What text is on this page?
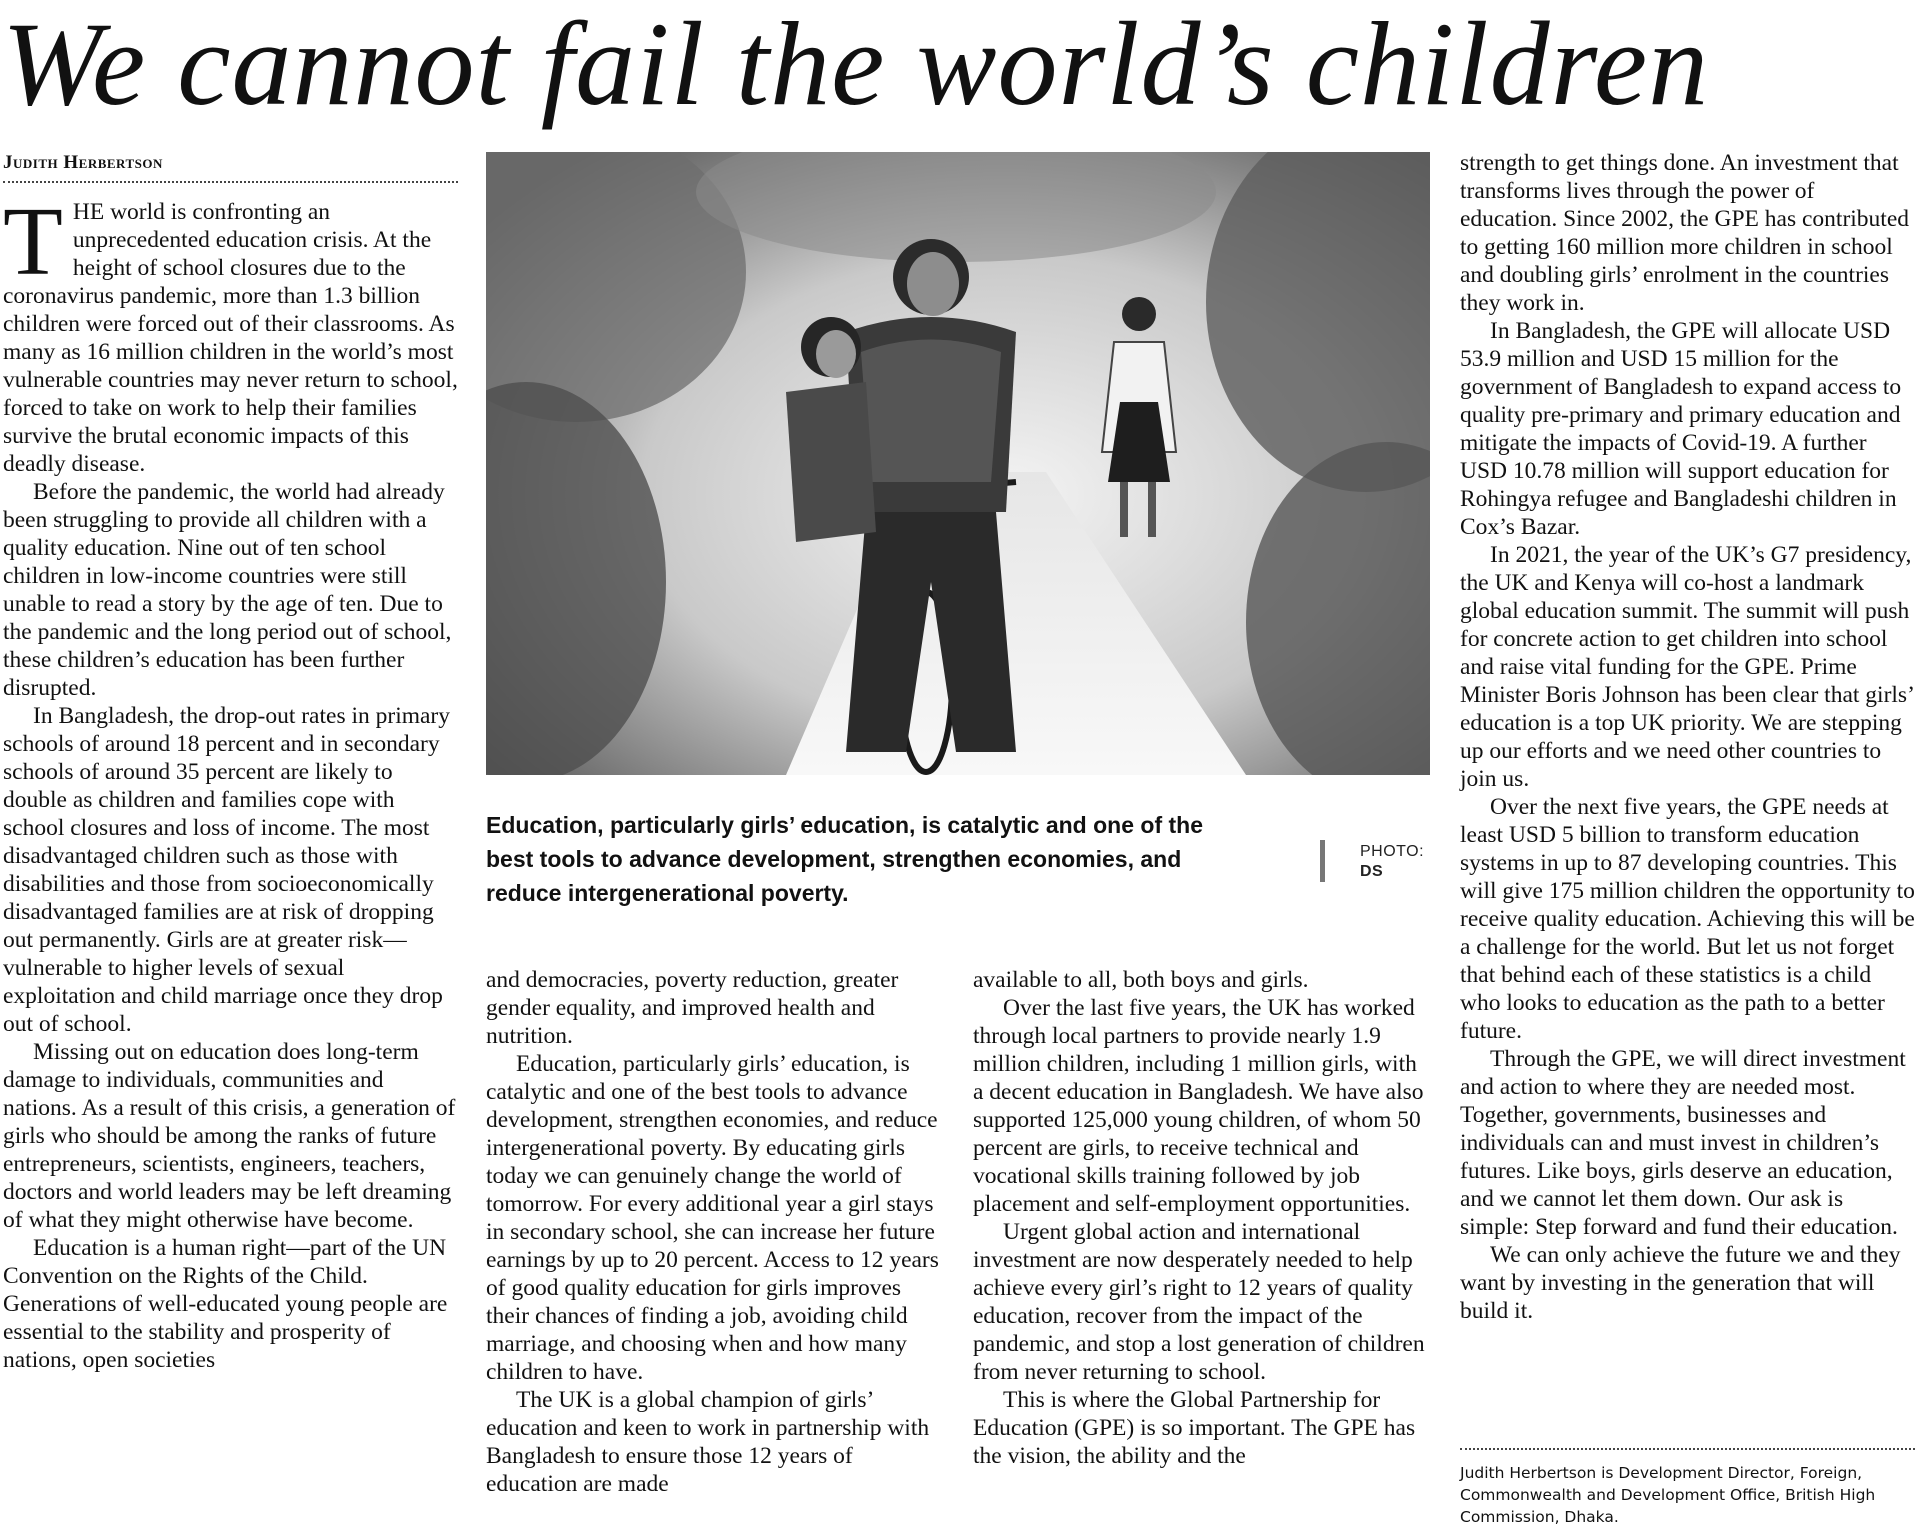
We cannot fail the world’s children
Judith Herbertson

THE world is confronting an unprecedented education crisis. At the height of school closures due to the coronavirus pandemic, more than 1.3 billion children were forced out of their classrooms. As many as 16 million children in the world’s most vulnerable countries may never return to school, forced to take on work to help their families survive the brutal economic impacts of this deadly disease.

Before the pandemic, the world had already been struggling to provide all children with a quality education. Nine out of ten school children in low-income countries were still unable to read a story by the age of ten. Due to the pandemic and the long period out of school, these children’s education has been further disrupted.

In Bangladesh, the drop-out rates in primary schools of around 18 percent and in secondary schools of around 35 percent are likely to double as children and families cope with school closures and loss of income. The most disadvantaged children such as those with disabilities and those from socioeconomically disadvantaged families are at risk of dropping out permanently. Girls are at greater risk—vulnerable to higher levels of sexual exploitation and child marriage once they drop out of school.

Missing out on education does long-term damage to individuals, communities and nations. As a result of this crisis, a generation of girls who should be among the ranks of future entrepreneurs, scientists, engineers, teachers, doctors and world leaders may be left dreaming of what they might otherwise have become.

Education is a human right—part of the UN Convention on the Rights of the Child. Generations of well-educated young people are essential to the stability and prosperity of nations, open societies

Education, particularly girls’ education, is catalytic and one of the best tools to advance development, strengthen economies, and reduce intergenerational poverty.
PHOTO:
DS

and democracies, poverty reduction, greater gender equality, and improved health and nutrition.

Education, particularly girls’ education, is catalytic and one of the best tools to advance development, strengthen economies, and reduce intergenerational poverty. By educating girls today we can genuinely change the world of tomorrow. For every additional year a girl stays in secondary school, she can increase her future earnings by up to 20 percent. Access to 12 years of good quality education for girls improves their chances of finding a job, avoiding child marriage, and choosing when and how many children to have.

The UK is a global champion of girls’ education and keen to work in partnership with Bangladesh to ensure those 12 years of education are made

available to all, both boys and girls.

Over the last five years, the UK has worked through local partners to provide nearly 1.9 million children, including 1 million girls, with a decent education in Bangladesh. We have also supported 125,000 young children, of whom 50 percent are girls, to receive technical and vocational skills training followed by job placement and self-employment opportunities.

Urgent global action and international investment are now desperately needed to help achieve every girl’s right to 12 years of quality education, recover from the impact of the pandemic, and stop a lost generation of children from never returning to school.

This is where the Global Partnership for Education (GPE) is so important. The GPE has the vision, the ability and the

strength to get things done. An investment that transforms lives through the power of education. Since 2002, the GPE has contributed to getting 160 million more children in school and doubling girls’ enrolment in the countries they work in.

In Bangladesh, the GPE will allocate USD 53.9 million and USD 15 million for the government of Bangladesh to expand access to quality pre-primary and primary education and mitigate the impacts of Covid-19. A further USD 10.78 million will support education for Rohingya refugee and Bangladeshi children in Cox’s Bazar.

In 2021, the year of the UK’s G7 presidency, the UK and Kenya will co-host a landmark global education summit. The summit will push for concrete action to get children into school and raise vital funding for the GPE. Prime Minister Boris Johnson has been clear that girls’ education is a top UK priority. We are stepping up our efforts and we need other countries to join us.

Over the next five years, the GPE needs at least USD 5 billion to transform education systems in up to 87 developing countries. This will give 175 million children the opportunity to receive quality education. Achieving this will be a challenge for the world. But let us not forget that behind each of these statistics is a child who looks to education as the path to a better future.

Through the GPE, we will direct investment and action to where they are needed most. Together, governments, businesses and individuals can and must invest in children’s futures. Like boys, girls deserve an education, and we cannot let them down. Our ask is simple: Step forward and fund their education.

We can only achieve the future we and they want by investing in the generation that will build it.

Judith Herbertson is Development Director, Foreign, Commonwealth and Development Office, British High Commission, Dhaka.
